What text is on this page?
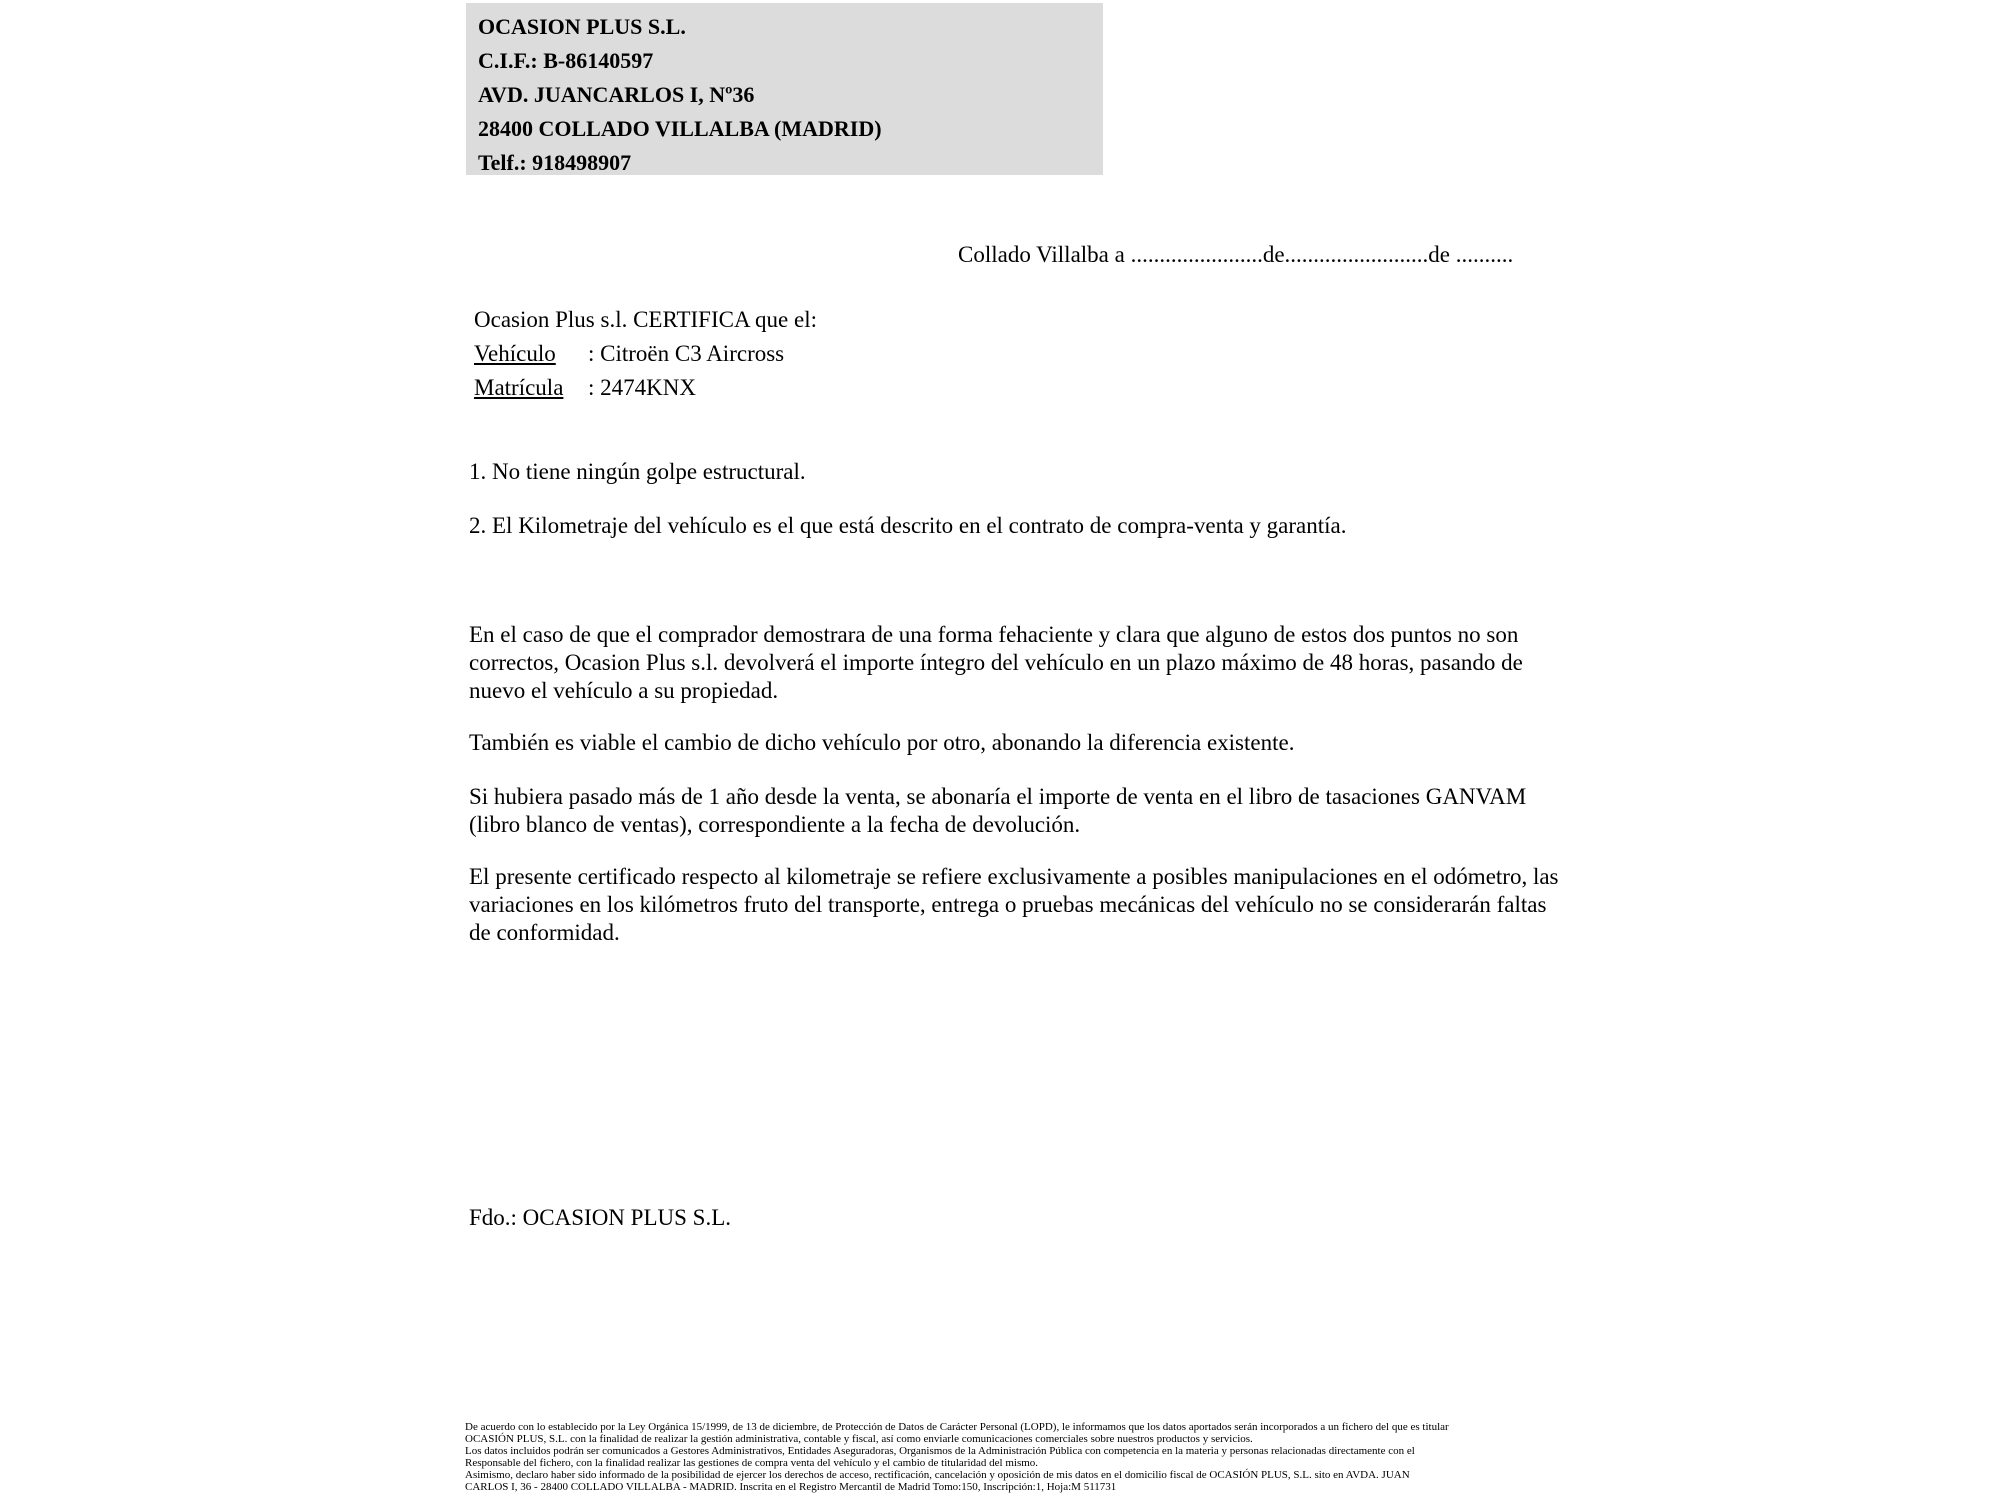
OCASION PLUS S.L.
C.I.F.: B-86140597
AVD. JUANCARLOS I, Nº36
28400 COLLADO VILLALBA (MADRID)
Telf.: 918498907
Collado Villalba a .......................de.........................de ..........
Ocasion Plus s.l. CERTIFICA que el:
Vehículo : Citroën C3 Aircross
Matrícula : 2474KNX
1. No tiene ningún golpe estructural.
2. El Kilometraje del vehículo es el que está descrito en el contrato de compra-venta y garantía.
En el caso de que el comprador demostrara de una forma fehaciente y clara que alguno de estos dos puntos no son correctos, Ocasion Plus s.l. devolverá el importe íntegro del vehículo en un plazo máximo de 48 horas, pasando de nuevo el vehículo a su propiedad.
También es viable el cambio de dicho vehículo por otro, abonando la diferencia existente.
Si hubiera pasado más de 1 año desde la venta, se abonaría el importe de venta en el libro de tasaciones GANVAM (libro blanco de ventas), correspondiente a la fecha de devolución.
El presente certificado respecto al kilometraje se refiere exclusivamente a posibles manipulaciones en el odómetro, las variaciones en los kilómetros fruto del transporte, entrega o pruebas mecánicas del vehículo no se considerarán faltas de conformidad.
Fdo.: OCASION PLUS S.L.
De acuerdo con lo establecido por la Ley Orgánica 15/1999, de 13 de diciembre, de Protección de Datos de Carácter Personal (LOPD), le informamos que los datos aportados serán incorporados a un fichero del que es titular
OCASIÓN PLUS, S.L. con la finalidad de realizar la gestión administrativa, contable y fiscal, así como enviarle comunicaciones comerciales sobre nuestros productos y servicios.
Los datos incluidos podrán ser comunicados a Gestores Administrativos, Entidades Aseguradoras, Organismos de la Administración Pública con competencia en la materia y personas relacionadas directamente con el
Responsable del fichero, con la finalidad realizar las gestiones de compra venta del vehículo y el cambio de titularidad del mismo.
Asimismo, declaro haber sido informado de la posibilidad de ejercer los derechos de acceso, rectificación, cancelación y oposición de mis datos en el domicilio fiscal de OCASIÓN PLUS, S.L. sito en AVDA. JUAN
CARLOS I, 36 - 28400 COLLADO VILLALBA - MADRID. Inscrita en el Registro Mercantil de Madrid Tomo:150, Inscripción:1, Hoja:M 511731
